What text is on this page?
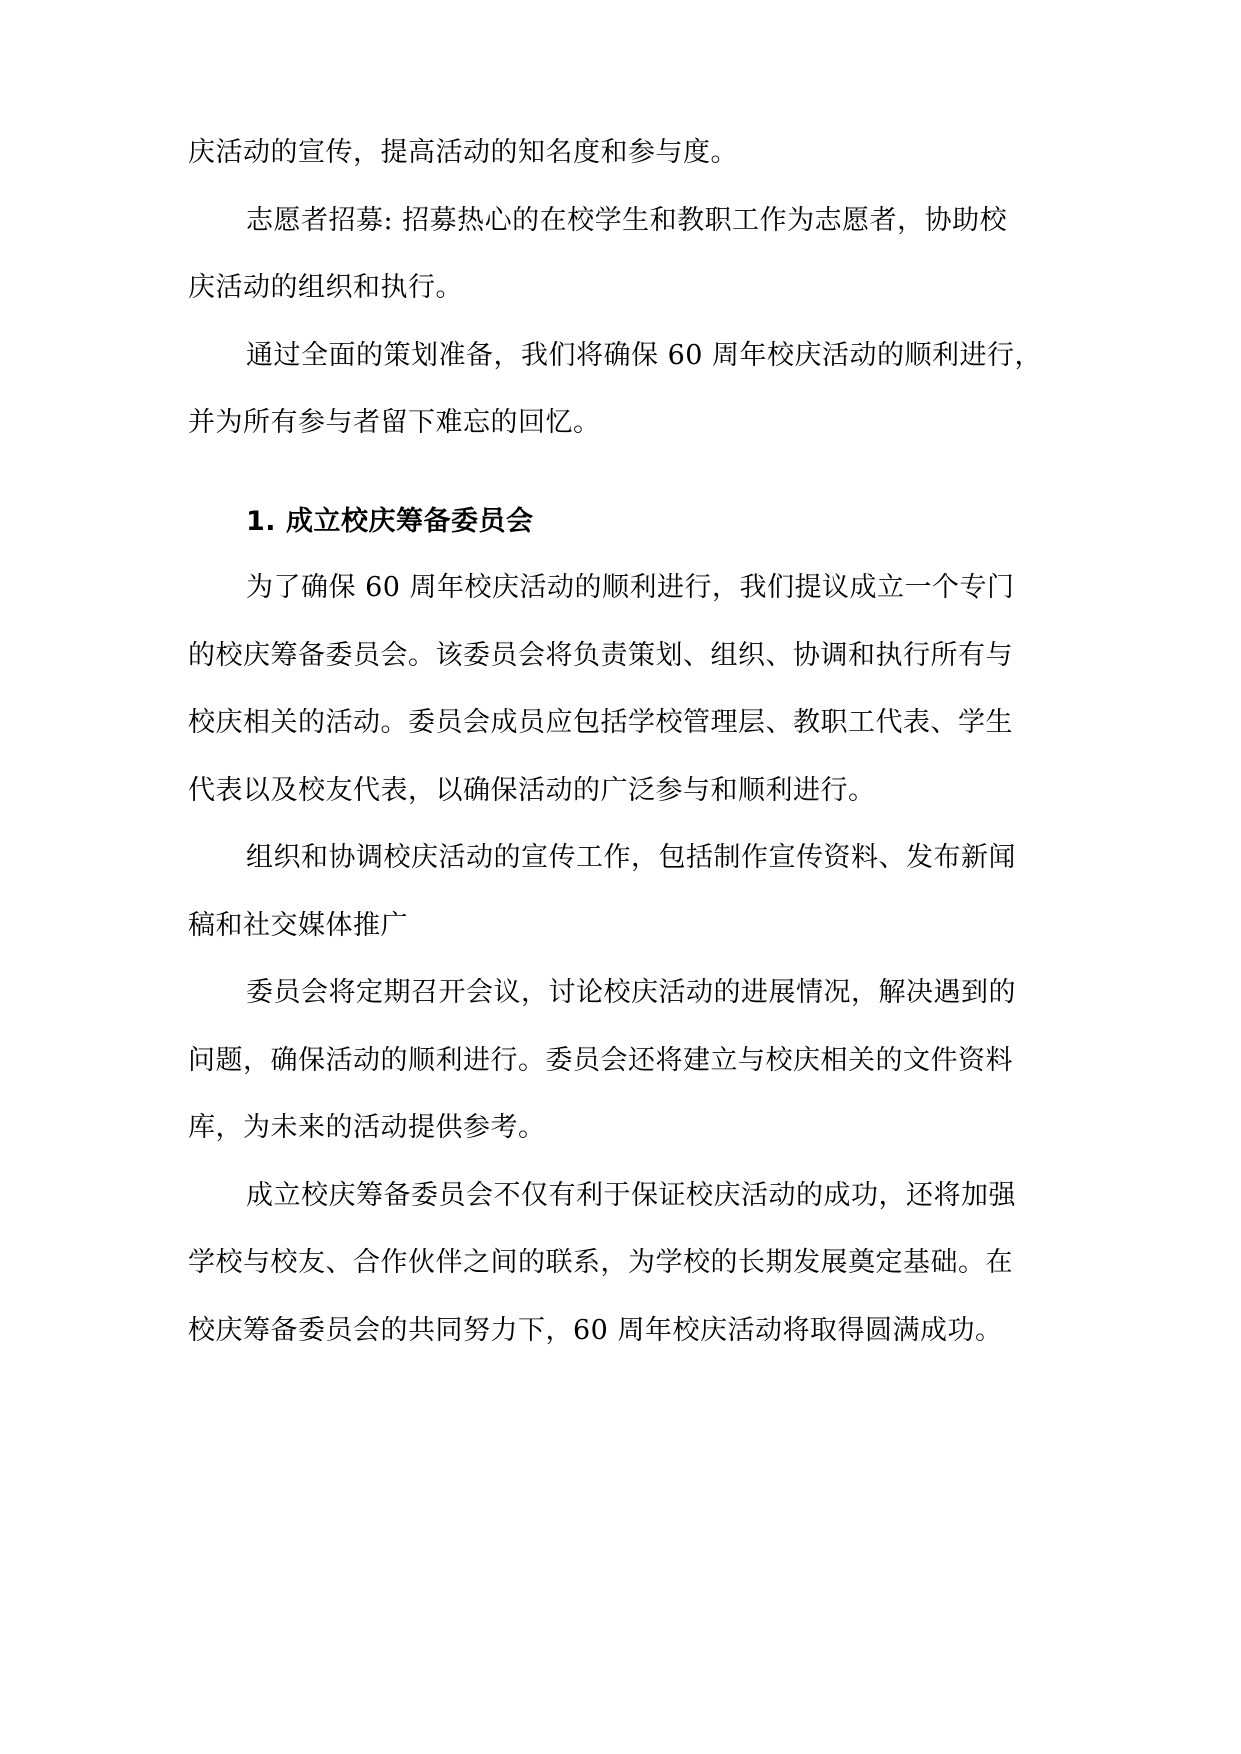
庆活动的宣传，提高活动的知名度和参与度。

志愿者招募: 招募热心的在校学生和教职工作为志愿者，协助校

庆活动的组织和执行。

通过全面的策划准备，我们将确保 60 周年校庆活动的顺利进行，

并为所有参与者留下难忘的回忆。

1. 成立校庆筹备委员会

为了确保 60 周年校庆活动的顺利进行，我们提议成立一个专门

的校庆筹备委员会。该委员会将负责策划、组织、协调和执行所有与

校庆相关的活动。委员会成员应包括学校管理层、教职工代表、学生

代表以及校友代表，以确保活动的广泛参与和顺利进行。

组织和协调校庆活动的宣传工作，包括制作宣传资料、发布新闻

稿和社交媒体推广

委员会将定期召开会议，讨论校庆活动的进展情况，解决遇到的

问题，确保活动的顺利进行。委员会还将建立与校庆相关的文件资料

库，为未来的活动提供参考。

成立校庆筹备委员会不仅有利于保证校庆活动的成功，还将加强

学校与校友、合作伙伴之间的联系，为学校的长期发展奠定基础。在

校庆筹备委员会的共同努力下，60 周年校庆活动将取得圆满成功。
